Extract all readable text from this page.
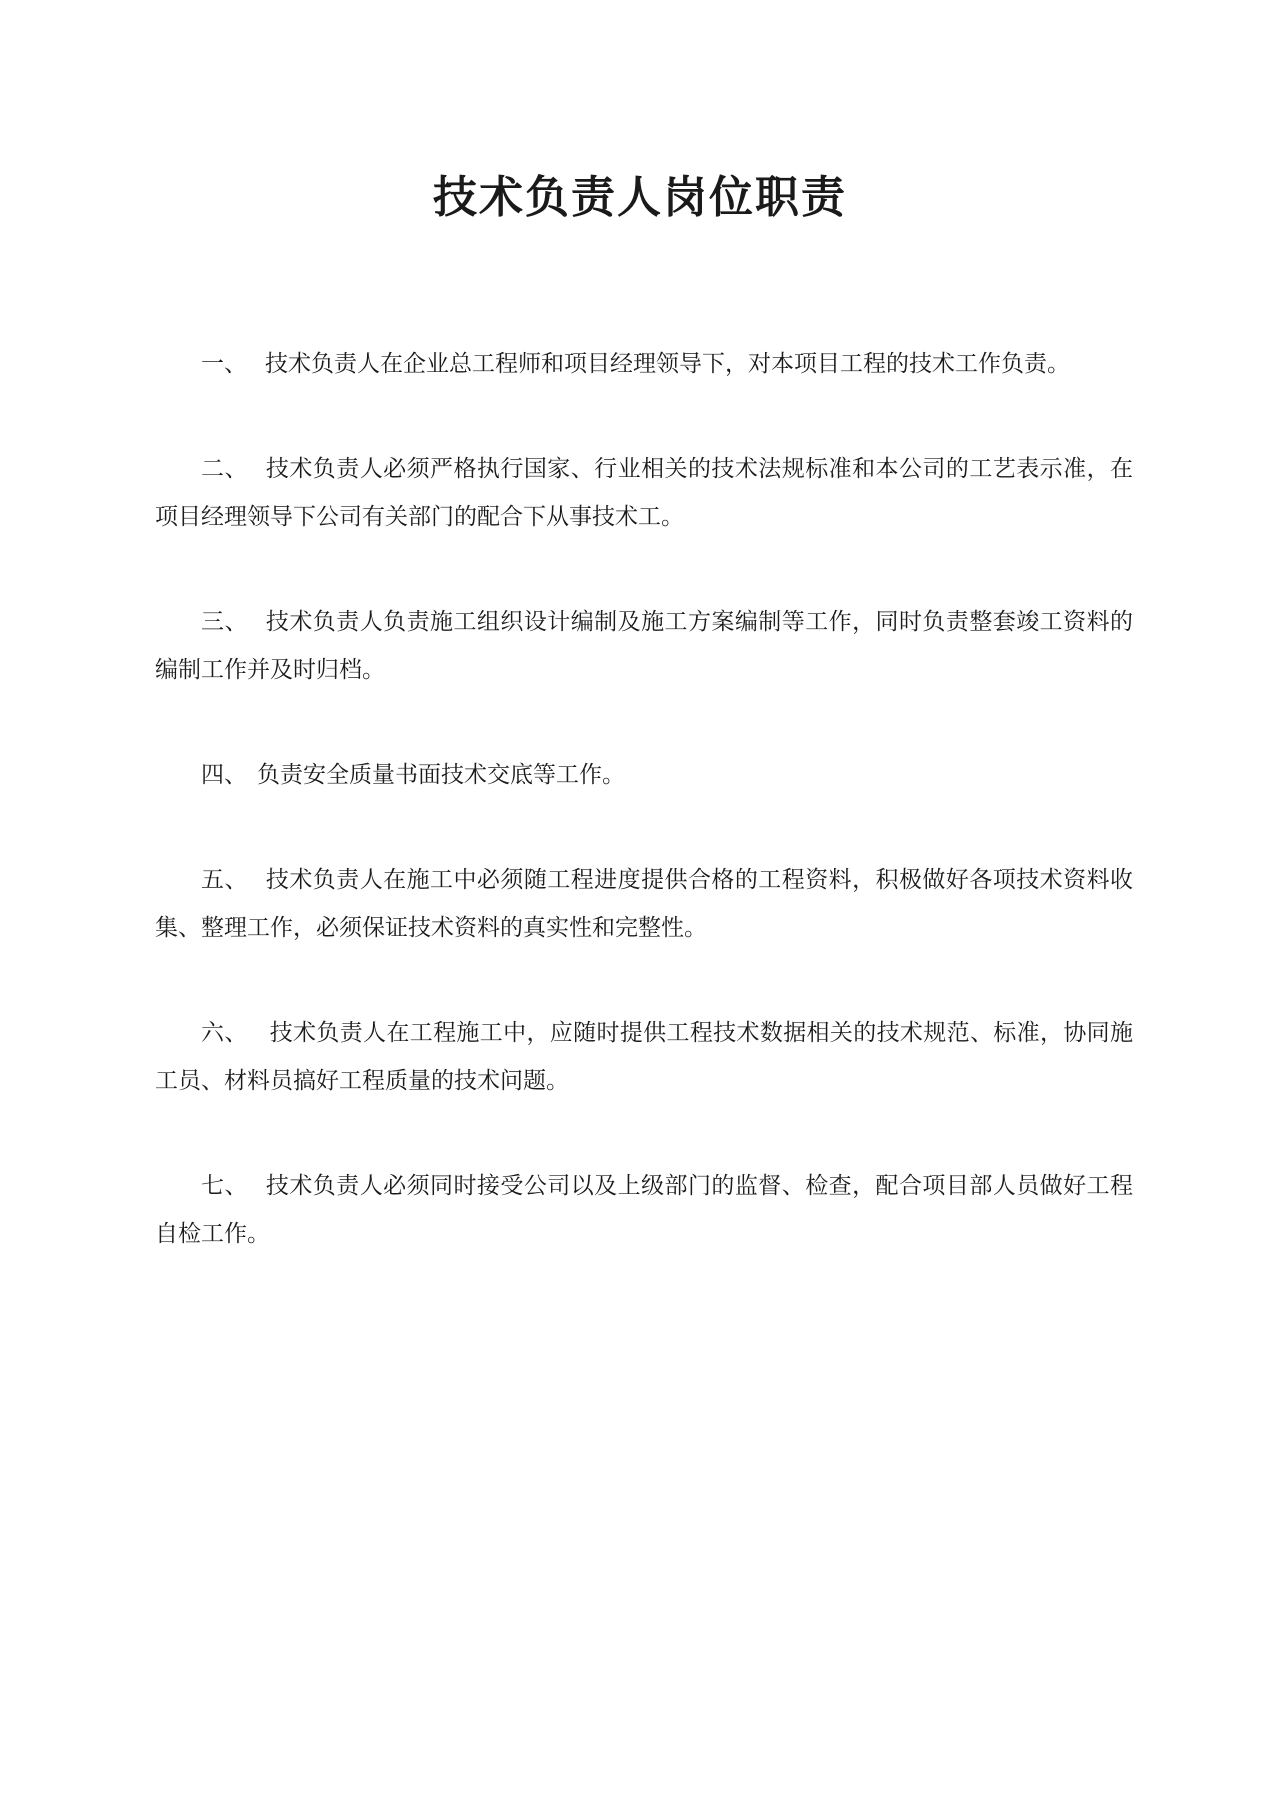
技术负责人岗位职责

一、 技术负责人在企业总工程师和项目经理领导下，对本项目工程的技术工作负责。

二、 技术负责人必须严格执行国家、行业相关的技术法规标准和本公司的工艺表示准，在项目经理领导下公司有关部门的配合下从事技术工。

三、 技术负责人负责施工组织设计编制及施工方案编制等工作，同时负责整套竣工资料的编制工作并及时归档。

四、 负责安全质量书面技术交底等工作。

五、 技术负责人在施工中必须随工程进度提供合格的工程资料，积极做好各项技术资料收集、整理工作，必须保证技术资料的真实性和完整性。

六、 技术负责人在工程施工中，应随时提供工程技术数据相关的技术规范、标准，协同施工员、材料员搞好工程质量的技术问题。

七、 技术负责人必须同时接受公司以及上级部门的监督、检查，配合项目部人员做好工程自检工作。
